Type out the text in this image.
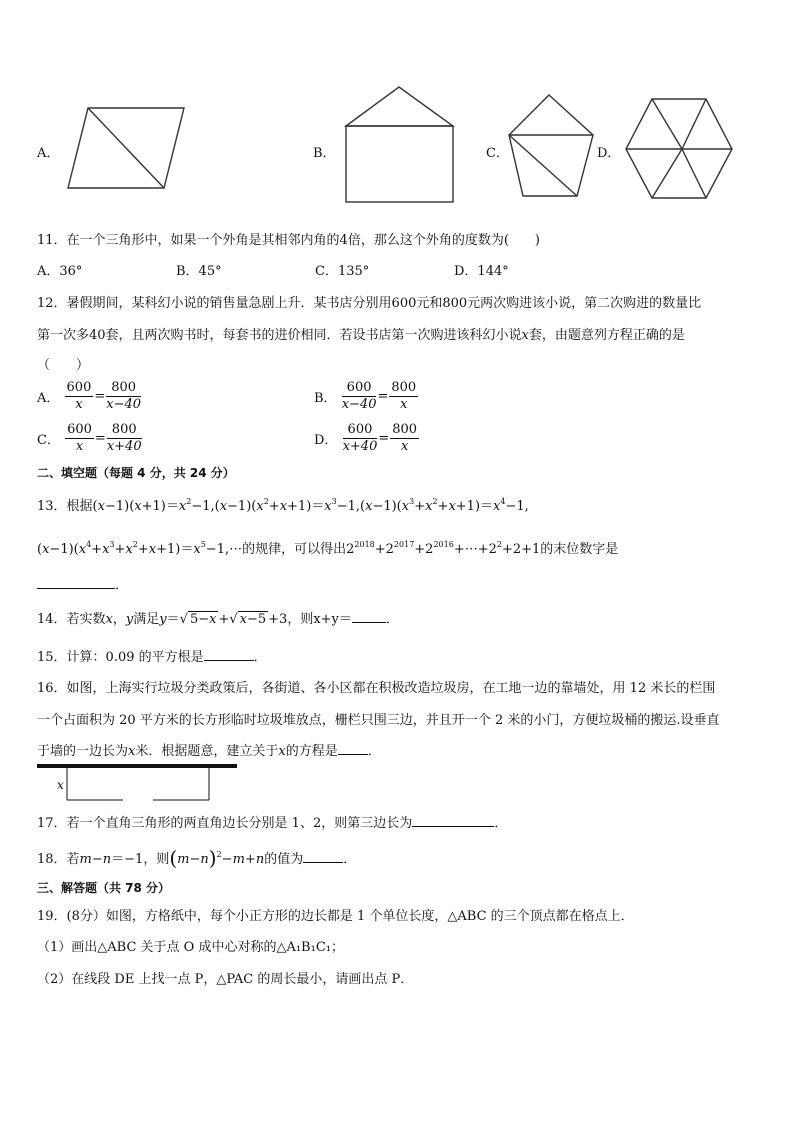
A．	B．	C．	D．
11．在一个三角形中，如果一个外角是其相邻内角的4倍，那么这个外角的度数为(　　)
A．36°	B．45°	C．135°	D．144°
12．暑假期间，某科幻小说的销售量急剧上升．某书店分别用600元和800元两次购进该小说，第二次购进的数量比
第一次多40套，且两次购书时，每套书的进价相同．若设书店第一次购进该科幻小说x套，由题意列方程正确的是
（　　）
A． $\frac{600}{x} = \frac{800}{x-40}$	B． $\frac{600}{x-40} = \frac{800}{x}$
C． $\frac{600}{x} = \frac{800}{x+40}$	D． $\frac{600}{x+40} = \frac{800}{x}$
二、填空题（每题 4 分，共 24 分）
13．根据$(x-1)(x+1)=x^2-1,(x-1)(x^2+x+1)=x^3-1,(x-1)(x^3+x^2+x+1)=x^4-1$,
$(x-1)(x^4+x^3+x^2+x+1)=x^5-1,\cdots$的规律，可以得出$2^{2018}+2^{2017}+2^{2016}+\cdots+2^2+2+1$的末位数字是
．
14．若实数x，y满足y＝√ 5−x +√ x−5 +3，则x+y＝	．
15．计算：0.09 的平方根是	．
16．如图，上海实行垃圾分类政策后，各街道、各小区都在积极改造垃圾房，在工地一边的靠墙处，用 12 米长的栏围
一个占面积为 20 平方米的长方形临时垃圾堆放点，栅栏只围三边，并且开一个 2 米的小门，方便垃圾桶的搬运.设垂直
于墙的一边长为x米．根据题意，建立关于x的方程是 ．
x
17．若一个直角三角形的两直角边长分别是 1、2，则第三边长为	．
18．若m−n＝−1，则$(m-n)^2-m+n$的值为	．
三、解答题（共 78 分）
19．(8分）如图，方格纸中，每个小正方形的边长都是 1 个单位长度，△ABC 的三个顶点都在格点上．
（1）画出△ABC 关于点 O 成中心对称的△A₁B₁C₁；
（2）在线段 DE 上找一点 P，△PAC 的周长最小，请画出点 P．
